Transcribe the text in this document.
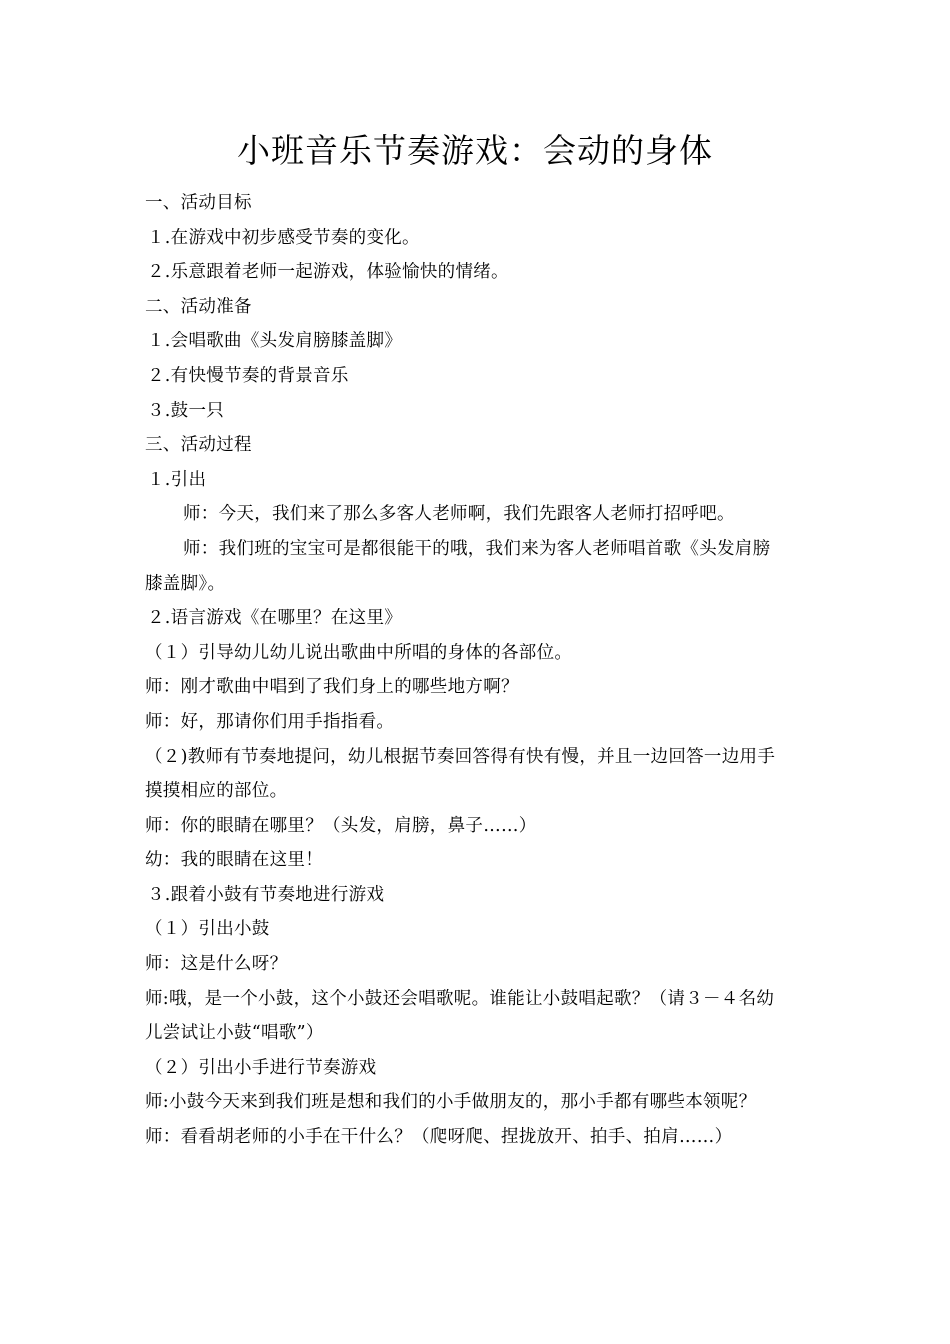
小班音乐节奏游戏：会动的身体
一、活动目标
１.在游戏中初步感受节奏的变化。
２.乐意跟着老师一起游戏，体验愉快的情绪。
二、活动准备
１.会唱歌曲《头发肩膀膝盖脚》
２.有快慢节奏的背景音乐
３.鼓一只
三、活动过程
１.引出
师：今天，我们来了那么多客人老师啊，我们先跟客人老师打招呼吧。
师：我们班的宝宝可是都很能干的哦，我们来为客人老师唱首歌《头发肩膀
膝盖脚》。
２.语言游戏《在哪里？在这里》
（１）引导幼儿幼儿说出歌曲中所唱的身体的各部位。
师：刚才歌曲中唱到了我们身上的哪些地方啊？
师：好，那请你们用手指指看。
（２)教师有节奏地提问，幼儿根据节奏回答得有快有慢，并且一边回答一边用手
摸摸相应的部位。
师：你的眼睛在哪里？（头发，肩膀，鼻子……）
幼：我的眼睛在这里！
３.跟着小鼓有节奏地进行游戏
（１）引出小鼓
师：这是什么呀？
师:哦，是一个小鼓，这个小鼓还会唱歌呢。谁能让小鼓唱起歌？（请３－４名幼
儿尝试让小鼓“唱歌”）
（２）引出小手进行节奏游戏
师:小鼓今天来到我们班是想和我们的小手做朋友的，那小手都有哪些本领呢？
师：看看胡老师的小手在干什么？（爬呀爬、捏拢放开、拍手、拍肩……）
